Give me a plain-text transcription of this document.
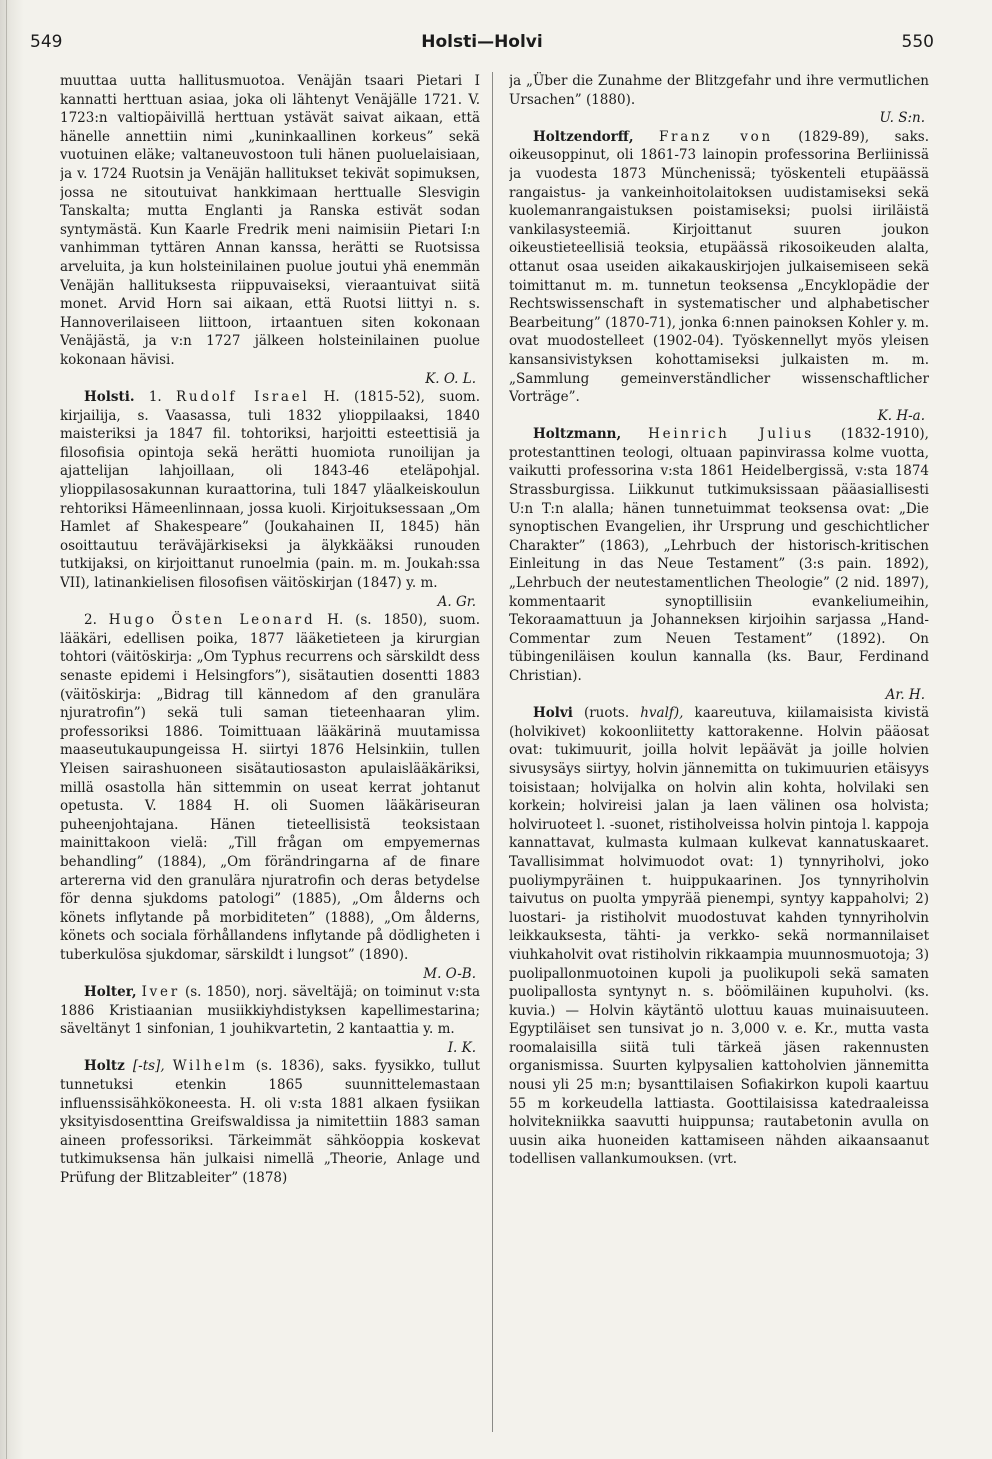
549	Holsti—Holvi	550

muuttaa uutta hallitusmuotoa. Venäjän tsaari Pietari I kannatti herttuan asiaa, joka oli lähtenyt Venäjälle 1721. V. 1723:n valtiopäivillä herttuan ystävät saivat aikaan, että hänelle annettiin nimi „kuninkaallinen korkeus” sekä vuotuinen eläke; valtaneuvostoon tuli hänen puoluelaisiaan, ja v. 1724 Ruotsin ja Venäjän hallitukset tekivät sopimuksen, jossa ne sitoutuivat hankkimaan herttualle Slesvigin Tanskalta; mutta Englanti ja Ranska estivät sodan syntymästä. Kun Kaarle Fredrik meni naimisiin Pietari I:n vanhimman tyttären Annan kanssa, herätti se Ruotsissa arveluita, ja kun holsteinilainen puolue joutui yhä enemmän Venäjän hallituksesta riippuvaiseksi, vieraantuivat siitä monet. Arvid Horn sai aikaan, että Ruotsi liittyi n. s. Hannoverilaiseen liittoon, irtaantuen siten kokonaan Venäjästä, ja v:n 1727 jälkeen holsteinilainen puolue kokonaan hävisi.

K. O. L.

Holsti. 1. Rudolf Israel H. (1815-52), suom. kirjailija, s. Vaasassa, tuli 1832 ylioppilaaksi, 1840 maisteriksi ja 1847 fil. tohtoriksi, harjoitti esteettisiä ja filosofisia opintoja sekä herätti huomiota runoilijan ja ajattelijan lahjoillaan, oli 1843-46 eteläpohjal. ylioppilasosakunnan kuraattorina, tuli 1847 yläalkeiskoulun rehtoriksi Hämeenlinnaan, jossa kuoli. Kirjoituksessaan „Om Hamlet af Shakespeare” (Joukahainen II, 1845) hän osoittautuu teräväjärkiseksi ja älykkääksi runouden tutkijaksi, on kirjoittanut runoelmia (pain. m. m. Joukah:ssa VII), latinankielisen filosofisen väitöskirjan (1847) y. m.

A. Gr.

2. Hugo Östen Leonard H. (s. 1850), suom. lääkäri, edellisen poika, 1877 lääketieteen ja kirurgian tohtori (väitöskirja: „Om Typhus recurrens och särskildt dess senaste epidemi i Helsingfors”), sisätautien dosentti 1883 (väitöskirja: „Bidrag till kännedom af den granulära njuratrofin”) sekä tuli saman tieteenhaaran ylim. professoriksi 1886. Toimittuaan lääkärinä muutamissa maaseutukaupungeissa H. siirtyi 1876 Helsinkiin, tullen Yleisen sairashuoneen sisätautiosaston apulaislääkäriksi, millä osastolla hän sittemmin on useat kerrat johtanut opetusta. V. 1884 H. oli Suomen lääkäriseuran puheenjohtajana. Hänen tieteellisistä teoksistaan mainittakoon vielä: „Till frågan om empyemernas behandling” (1884), „Om förändringarna af de finare artererna vid den granulära njuratrofin och deras betydelse för denna sjukdoms patologi” (1885), „Om ålderns och könets inflytande på morbiditeten” (1888), „Om ålderns, könets och sociala förhållandens inflytande på dödligheten i tuberkulösa sjukdomar, särskildt i lungsot” (1890).

M. O-B.

Holter, Iver (s. 1850), norj. säveltäjä; on toiminut v:sta 1886 Kristiaanian musiikkiyhdistyksen kapellimestarina; säveltänyt 1 sinfonian, 1 jouhikvartetin, 2 kantaattia y. m.

I. K.

Holtz [-ts], Wilhelm (s. 1836), saks. fyysikko, tullut tunnetuksi etenkin 1865 suunnittelemastaan influenssisähkökoneesta. H. oli v:sta 1881 alkaen fysiikan yksityisdosenttina Greifswaldissa ja nimitettiin 1883 saman aineen professoriksi. Tärkeimmät sähköoppia koskevat tutkimuksensa hän julkaisi nimellä „Theorie, Anlage und Prüfung der Blitzableiter” (1878)

ja „Über die Zunahme der Blitzgefahr und ihre vermutlichen Ursachen” (1880).

U. S:n.

Holtzendorff, Franz von (1829-89), saks. oikeusoppinut, oli 1861-73 lainopin professorina Berliinissä ja vuodesta 1873 Münchenissä; työskenteli etupäässä rangaistus- ja vankeinhoitolaitoksen uudistamiseksi sekä kuolemanrangaistuksen poistamiseksi; puolsi iiriläistä vankilasysteemiä. Kirjoittanut suuren joukon oikeustieteellisiä teoksia, etupäässä rikosoikeuden alalta, ottanut osaa useiden aikakauskirjojen julkaisemiseen sekä toimittanut m. m. tunnetun teoksensa „Encyklopädie der Rechtswissenschaft in systematischer und alphabetischer Bearbeitung” (1870-71), jonka 6:nnen painoksen Kohler y. m. ovat muodostelleet (1902-04). Työskennellyt myös yleisen kansansivistyksen kohottamiseksi julkaisten m. m. „Sammlung gemeinverständlicher wissenschaftlicher Vorträge”.

K. H-a.

Holtzmann, Heinrich Julius (1832-1910), protestanttinen teologi, oltuaan papinvirassa kolme vuotta, vaikutti professorina v:sta 1861 Heidelbergissä, v:sta 1874 Strassburgissa. Liikkunut tutkimuksissaan pääasiallisesti U:n T:n alalla; hänen tunnetuimmat teoksensa ovat: „Die synoptischen Evangelien, ihr Ursprung und geschichtlicher Charakter” (1863), „Lehrbuch der historisch-kritischen Einleitung in das Neue Testament” (3:s pain. 1892), „Lehrbuch der neutestamentlichen Theologie” (2 nid. 1897), kommentaarit synoptillisiin evankeliumeihin, Tekoraamattuun ja Johanneksen kirjoihin sarjassa „Hand-Commentar zum Neuen Testament” (1892). On tübingeniläisen koulun kannalla (ks. Baur, Ferdinand Christian).

Ar. H.

Holvi (ruots. hvalf), kaareutuva, kiilamaisista kivistä (holvikivet) kokoonliitetty kattorakenne. Holvin pääosat ovat: tukimuurit, joilla holvit lepäävät ja joille holvien sivusysäys siirtyy, holvin jännemitta on tukimuurien etäisyys toisistaan; holvijalka on holvin alin kohta, holvilaki sen korkein; holvireisi jalan ja laen välinen osa holvista; holviruoteet l. -suonet, ristiholveissa holvin pintoja l. kappoja kannattavat, kulmasta kulmaan kulkevat kannatuskaaret. Tavallisimmat holvimuodot ovat: 1) tynnyriholvi, joko puoliympyräinen t. huippukaarinen. Jos tynnyriholvin taivutus on puolta ympyrää pienempi, syntyy kappaholvi; 2) luostari- ja ristiholvit muodostuvat kahden tynnyriholvin leikkauksesta, tähti- ja verkko- sekä normannilaiset viuhkaholvit ovat ristiholvin rikkaampia muunnosmuotoja; 3) puolipallonmuotoinen kupoli ja puolikupoli sekä samaten puolipallosta syntynyt n. s. böömiläinen kupuholvi. (ks. kuvia.) — Holvin käytäntö ulottuu kauas muinaisuuteen. Egyptiläiset sen tunsivat jo n. 3,000 v. e. Kr., mutta vasta roomalaisilla siitä tuli tärkeä jäsen rakennusten organismissa. Suurten kylpysalien kattoholvien jännemitta nousi yli 25 m:n; bysanttilaisen Sofiakirkon kupoli kaartuu 55 m korkeudella lattiasta. Goottilaisissa katedraaleissa holvitekniikka saavutti huippunsa; rautabetonin avulla on uusin aika huoneiden kattamiseen nähden aikaansaanut todellisen vallankumouksen. (vrt.
